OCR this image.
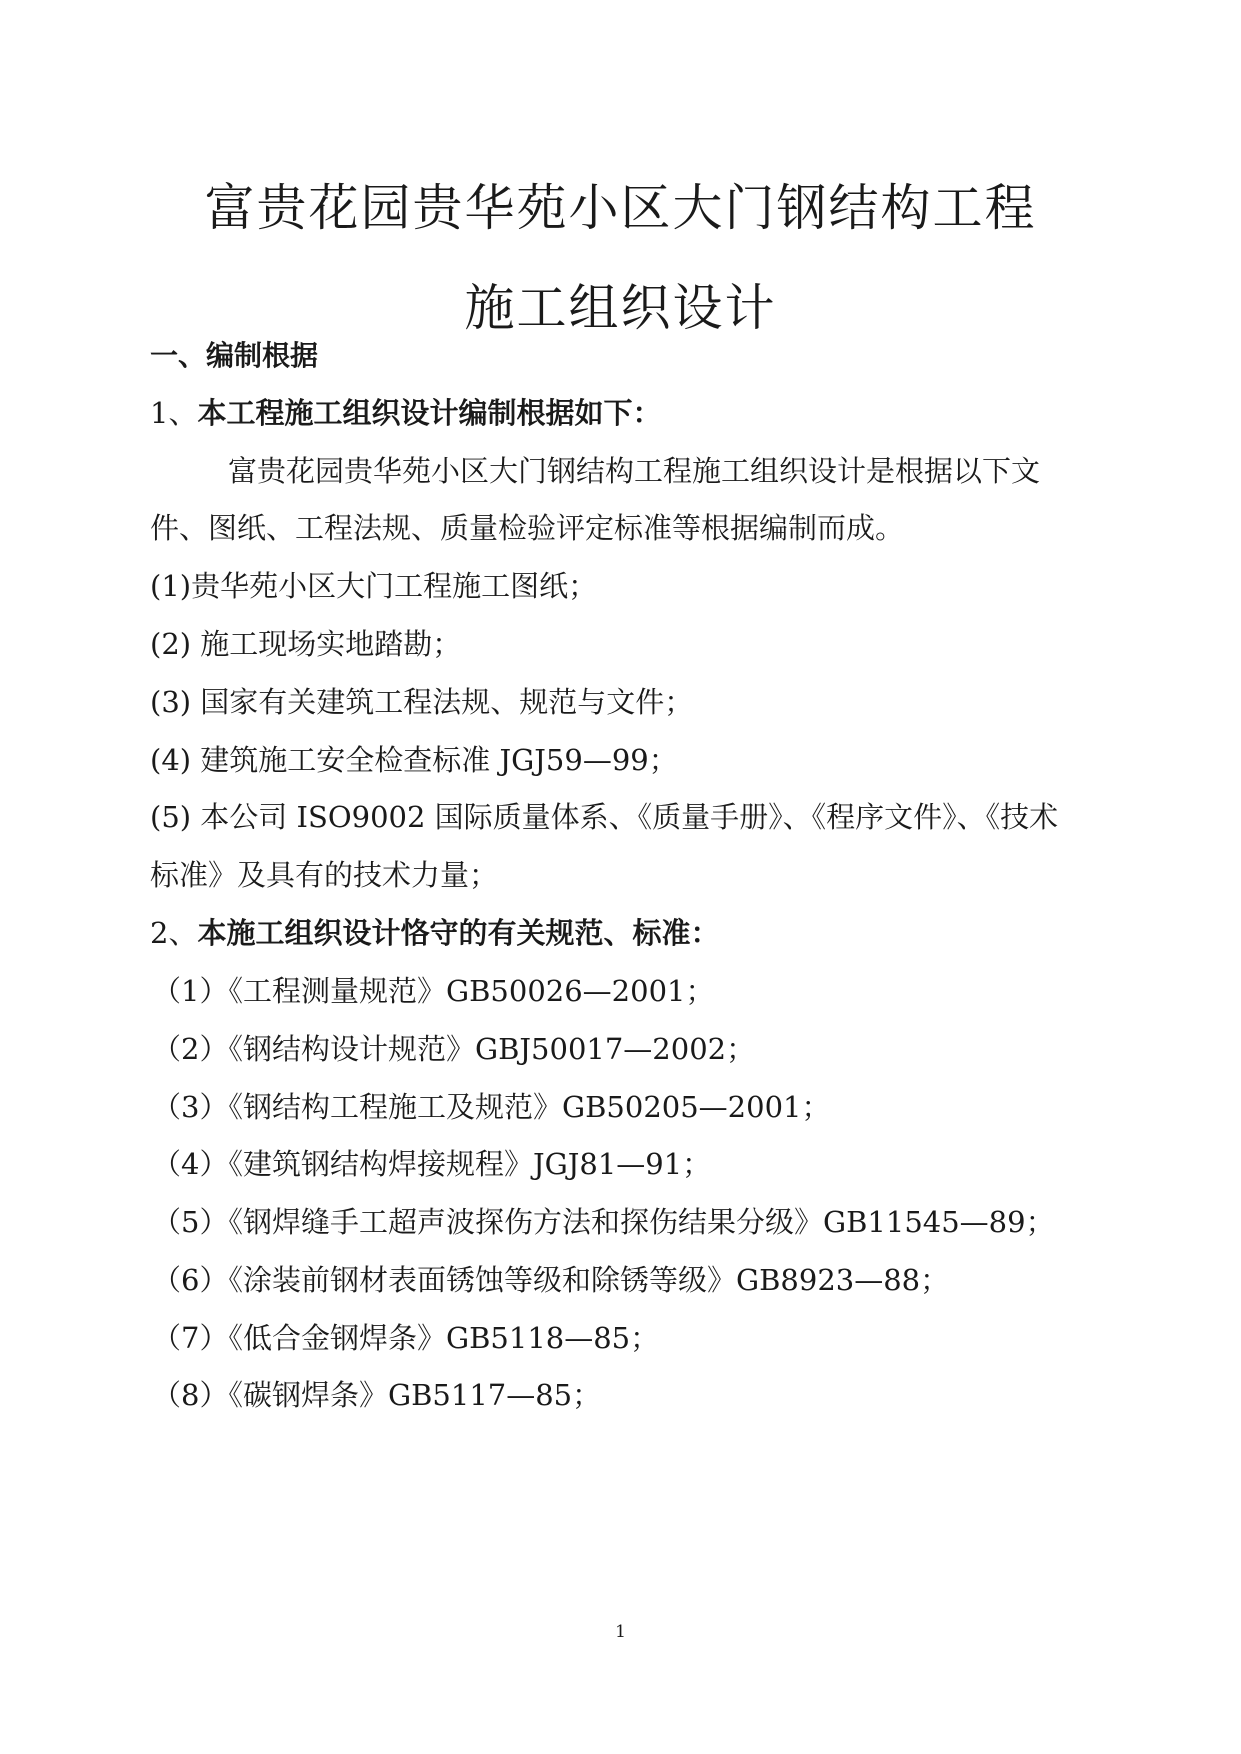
富贵花园贵华苑小区大门钢结构工程
施工组织设计

一、编制根据

1、本工程施工组织设计编制根据如下：

富贵花园贵华苑小区大门钢结构工程施工组织设计是根据以下文

件、图纸、工程法规、质量检验评定标准等根据编制而成。

(1)贵华苑小区大门工程施工图纸；

(2) 施工现场实地踏勘；

(3) 国家有关建筑工程法规、规范与文件；

(4) 建筑施工安全检查标准 JGJ59—99；

(5) 本公司 ISO9002 国际质量体系、《质量手册》、《程序文件》、《技术

标准》及具有的技术力量；

2、本施工组织设计恪守的有关规范、标准：

（1）《工程测量规范》GB50026—2001；

（2）《钢结构设计规范》GBJ50017—2002；

（3）《钢结构工程施工及规范》GB50205—2001；

（4）《建筑钢结构焊接规程》JGJ81—91；

（5）《钢焊缝手工超声波探伤方法和探伤结果分级》GB11545—89；

（6）《涂装前钢材表面锈蚀等级和除锈等级》GB8923—88；

（7）《低合金钢焊条》GB5118—85；

（8）《碳钢焊条》GB5117—85；

1
